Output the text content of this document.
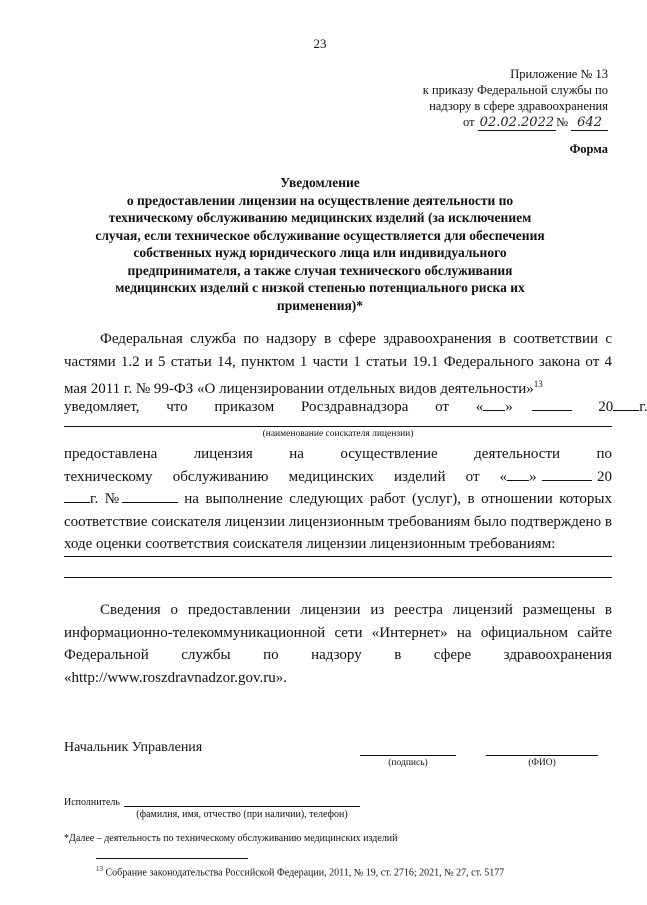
23
Приложение № 13
к приказу Федеральной службы по
надзору в сфере здравоохранения
от 02.02.2022 № 642
Форма
Уведомление
о предоставлении лицензии на осуществление деятельности по техническому обслуживанию медицинских изделий (за исключением случая, если техническое обслуживание осуществляется для обеспечения собственных нужд юридического лица или индивидуального предпринимателя, а также случая технического обслуживания медицинских изделий с низкой степенью потенциального риска их применения)*
Федеральная служба по надзору в сфере здравоохранения в соответствии с частями 1.2 и 5 статьи 14, пунктом 1 части 1 статьи 19.1 Федерального закона от 4 мая 2011 г. № 99-ФЗ «О лицензировании отдельных видов деятельности»$^{13}$
уведомляет, что приказом Росздравнадзора от « »	20 г.
(наименование соискателя лицензии)
предоставлена лицензия на осуществление деятельности по техническому обслуживанию медицинских изделий от « »	20г. №	на выполнение следующих работ (услуг), в отношении которых соответствие соискателя лицензии лицензионным требованиям было подтверждено в ходе оценки соответствия соискателя лицензии лицензионным требованиям:
Сведения о предоставлении лицензии из реестра лицензий размещены в информационно-телекоммуникационной сети «Интернет» на официальном сайте Федеральной службы по надзору в сфере здравоохранения «http://www.roszdravnadzor.gov.ru».
Начальник Управления
(подпись)	(ФИО)
Исполнитель
(фамилия, имя, отчество (при наличии), телефон)
*Далее – деятельность по техническому обслуживанию медицинских изделий
$^{13}$ Собрание законодательства Российской Федерации, 2011, № 19, ст. 2716; 2021, № 27, ст. 5177
